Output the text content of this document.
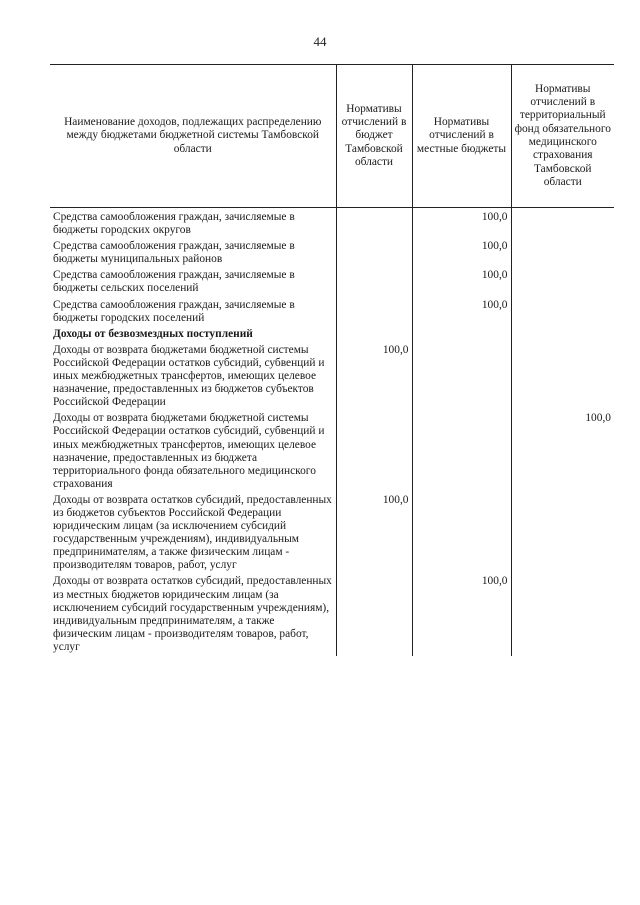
44
Наименование доходов, подлежащих распределению между бюджетами бюджетной системы Тамбовской области	Нормативы отчислений в бюджет Тамбовской области	Нормативы отчислений в местные бюджеты	Нормативы отчислений в территориальный фонд обязательного медицинского страхования Тамбовской области
Средства самообложения граждан, зачисляемые в бюджеты городских округов		100,0	
Средства самообложения граждан, зачисляемые в бюджеты муниципальных районов		100,0	
Средства самообложения граждан, зачисляемые в бюджеты сельских поселений		100,0	
Средства самообложения граждан, зачисляемые в бюджеты городских поселений		100,0	
Доходы от безвозмездных поступлений			
Доходы от возврата бюджетами бюджетной системы Российской Федерации остатков субсидий, субвенций и иных межбюджетных трансфертов, имеющих целевое назначение, предоставленных из бюджетов субъектов Российской Федерации	100,0		
Доходы от возврата бюджетами бюджетной системы Российской Федерации остатков субсидий, субвенций и иных межбюджетных трансфертов, имеющих целевое назначение, предоставленных из бюджета территориального фонда обязательного медицинского страхования			100,0
Доходы от возврата остатков субсидий, предоставленных из бюджетов субъектов Российской Федерации юридическим лицам (за исключением субсидий государственным учреждениям), индивидуальным предпринимателям, а также физическим лицам - производителям товаров, работ, услуг	100,0		
Доходы от возврата остатков субсидий, предоставленных из местных бюджетов юридическим лицам (за исключением субсидий государственным учреждениям), индивидуальным предпринимателям, а также физическим лицам - производителям товаров, работ, услуг		100,0	
